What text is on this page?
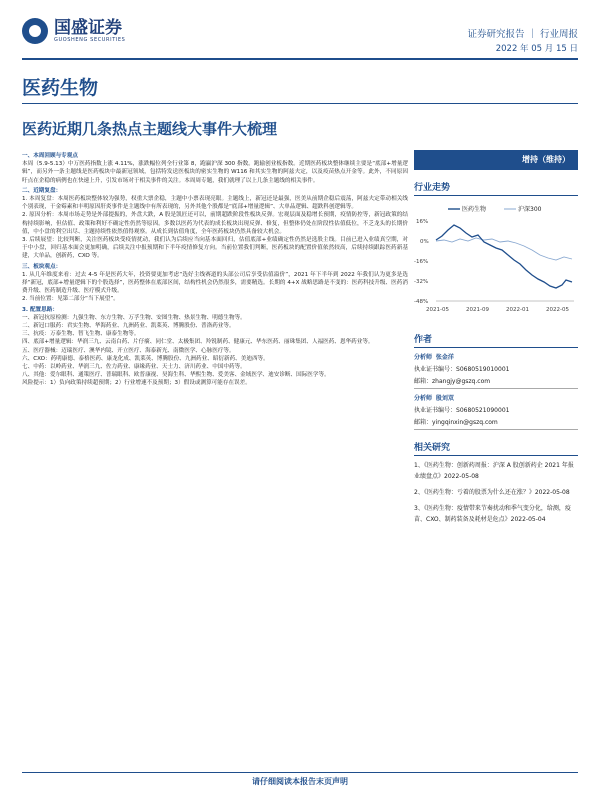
国盛证券
GUOSHENG SECURITIES	证券研究报告 ｜ 行业周报
2022 年 05 月 15 日
医药生物
医药近期几条热点主题线大事件大梳理
一、本周回顾与专观点
本周（5.9-5.13）中万医药指数上涨 4.11%，涨跌幅位列全行业第 8，跑赢沪深 300 指数。跑输创业板指数。近期医药板块整体继续主要是“底部+增量逻辑”，而另外一条主题线是医药板块中最新冠领域，包括特发送医板块的密实生物的 W116 和其实生物的阿兹夫定，以及疫苗热点开金等。此外，不同原因吁点在企稳的病例也在快速上升，引发市场对于相关事件的关注。本周周专题，我们就理了以上几条主题线的相关事件。
二、近期复盘：
1. 本周复盘：本周医药板块整体较为强势，权重大票企稳，主题中小票表现亮眼。主题线上，新冠还是最强，医美从前期企稳后震荡，阿兹夫定带动相关线个别表现，干金霉素和丰明原因肝炎事件是主题线中有所表现的，另外其他个股都是“底部+增量逻辑”、大单品逻辑、超跌科创逻辑等。
2. 原因分析：本周市场走势是外部提振的，外盘大跌，A 股是凯匠还可以，前期超跌阶段性板块反弹。宏观层面及稳增长预期，疫情防控等，新冠政策的结构持续影响，但估值、政策和利好不确定性仍然等原因。多数以医药为代表的成长板块出现反弹、修复，但整体仍处在阶段性估值低位，不乏龙头的长期价值，中小盘的利空出尽、主题持续性依然值得观察。从成长到估值角度，全年医药板块仍然具备较大机会。
3. 后续展望：比较判断，关注医药板块受疫情扰动，我们认为后续应当向基本面回归，估值底部+业绩确定性仍然是选股主线。目前已进入业绩真空期，对于中小盘，回归基本面会更加明确，后续关注中报预期和下半年疫情修复方向。当前位置我们判断，医药板块的配置价值依然较高，后续持续跟踪医药新基建，大单品，创新药，CXO 等。
三、板块观点：
1. 从几年维度来看：过去 4-5 年是医药大年，投资要更加考虑“选好主线赛道的头部公司后享受估值溢价”，2021 年下半年到 2022 年我们认为更多是选择“新冠，底部+增量逻辑下的个股选择”，医药整体在底部区间，结构性机会仍然很多，需要精选。长期的 4+X 战略思路是不变的：医药科技升级、医药消费升级、医药制造升级、医疗模式升级。
2. 当前位置：见第二部分“当下展望”。
3. 配置思路：
一、新冠抗原检测：九强生物、东方生物、万孚生物、安图生物、热景生物、明德生物等。
二、新冠口服药：君实生物、华海药业、九洲药业、凯莱英、博腾股份、普洛药业等。
三、抗疫：万泰生物、智飞生物、康泰生物等。
四、底部+增量逻辑：华润三九、云南白药、片仔癀、同仁堂、太极集团、羚锐制药、健康元、华东医药、丽珠集团、人福医药、恩华药业等。
五、医疗器械：迈瑞医疗、澳华内镜、开立医疗、海泰新光、南微医学、心脉医疗等。
六、CXO：药明康德、泰格医药、康龙化成、凯莱英、博腾股份、九洲药业、昭衍新药、美迪西等。
七、中药：以岭药业、华润三九、佐力药业、康缘药业、天士力、济川药业、中国中药等。
八、其他：爱尔眼科、通策医疗、普瑞眼科、欧普康视、昊海生科、华熙生物、爱美客、金域医学、迪安诊断、国际医学等。
风险提示：1）负向政策持续超预期；2）行业增速不及预期；3）假设或测算可能存在误差。
增持（维持）
行业走势
医药生物	沪深300
16%
0%
-16%
-32%
-48%
2021-05	2021-09	2022-01	2022-05
作者
分析师 张金洋
执业证书编号：S0680519010001
邮箱：zhangjy@gszq.com
分析师 殷刘双
执业证书编号：S0680521090001
邮箱：yingqinxin@gszq.com
相关研究
1、《医药生物：创新药周报：沪深 A 股创新药企 2021 年报业绩盘点》2022-05-08
2、《医药生物：亏着的股票为什么还在涨？》2022-05-08
3、《医药生物：疫情带来节奏扰动和季气变分化，给测，疫苗、CXO、制药装备及耗材是危点》2022-05-04
请仔细阅读本报告末页声明
